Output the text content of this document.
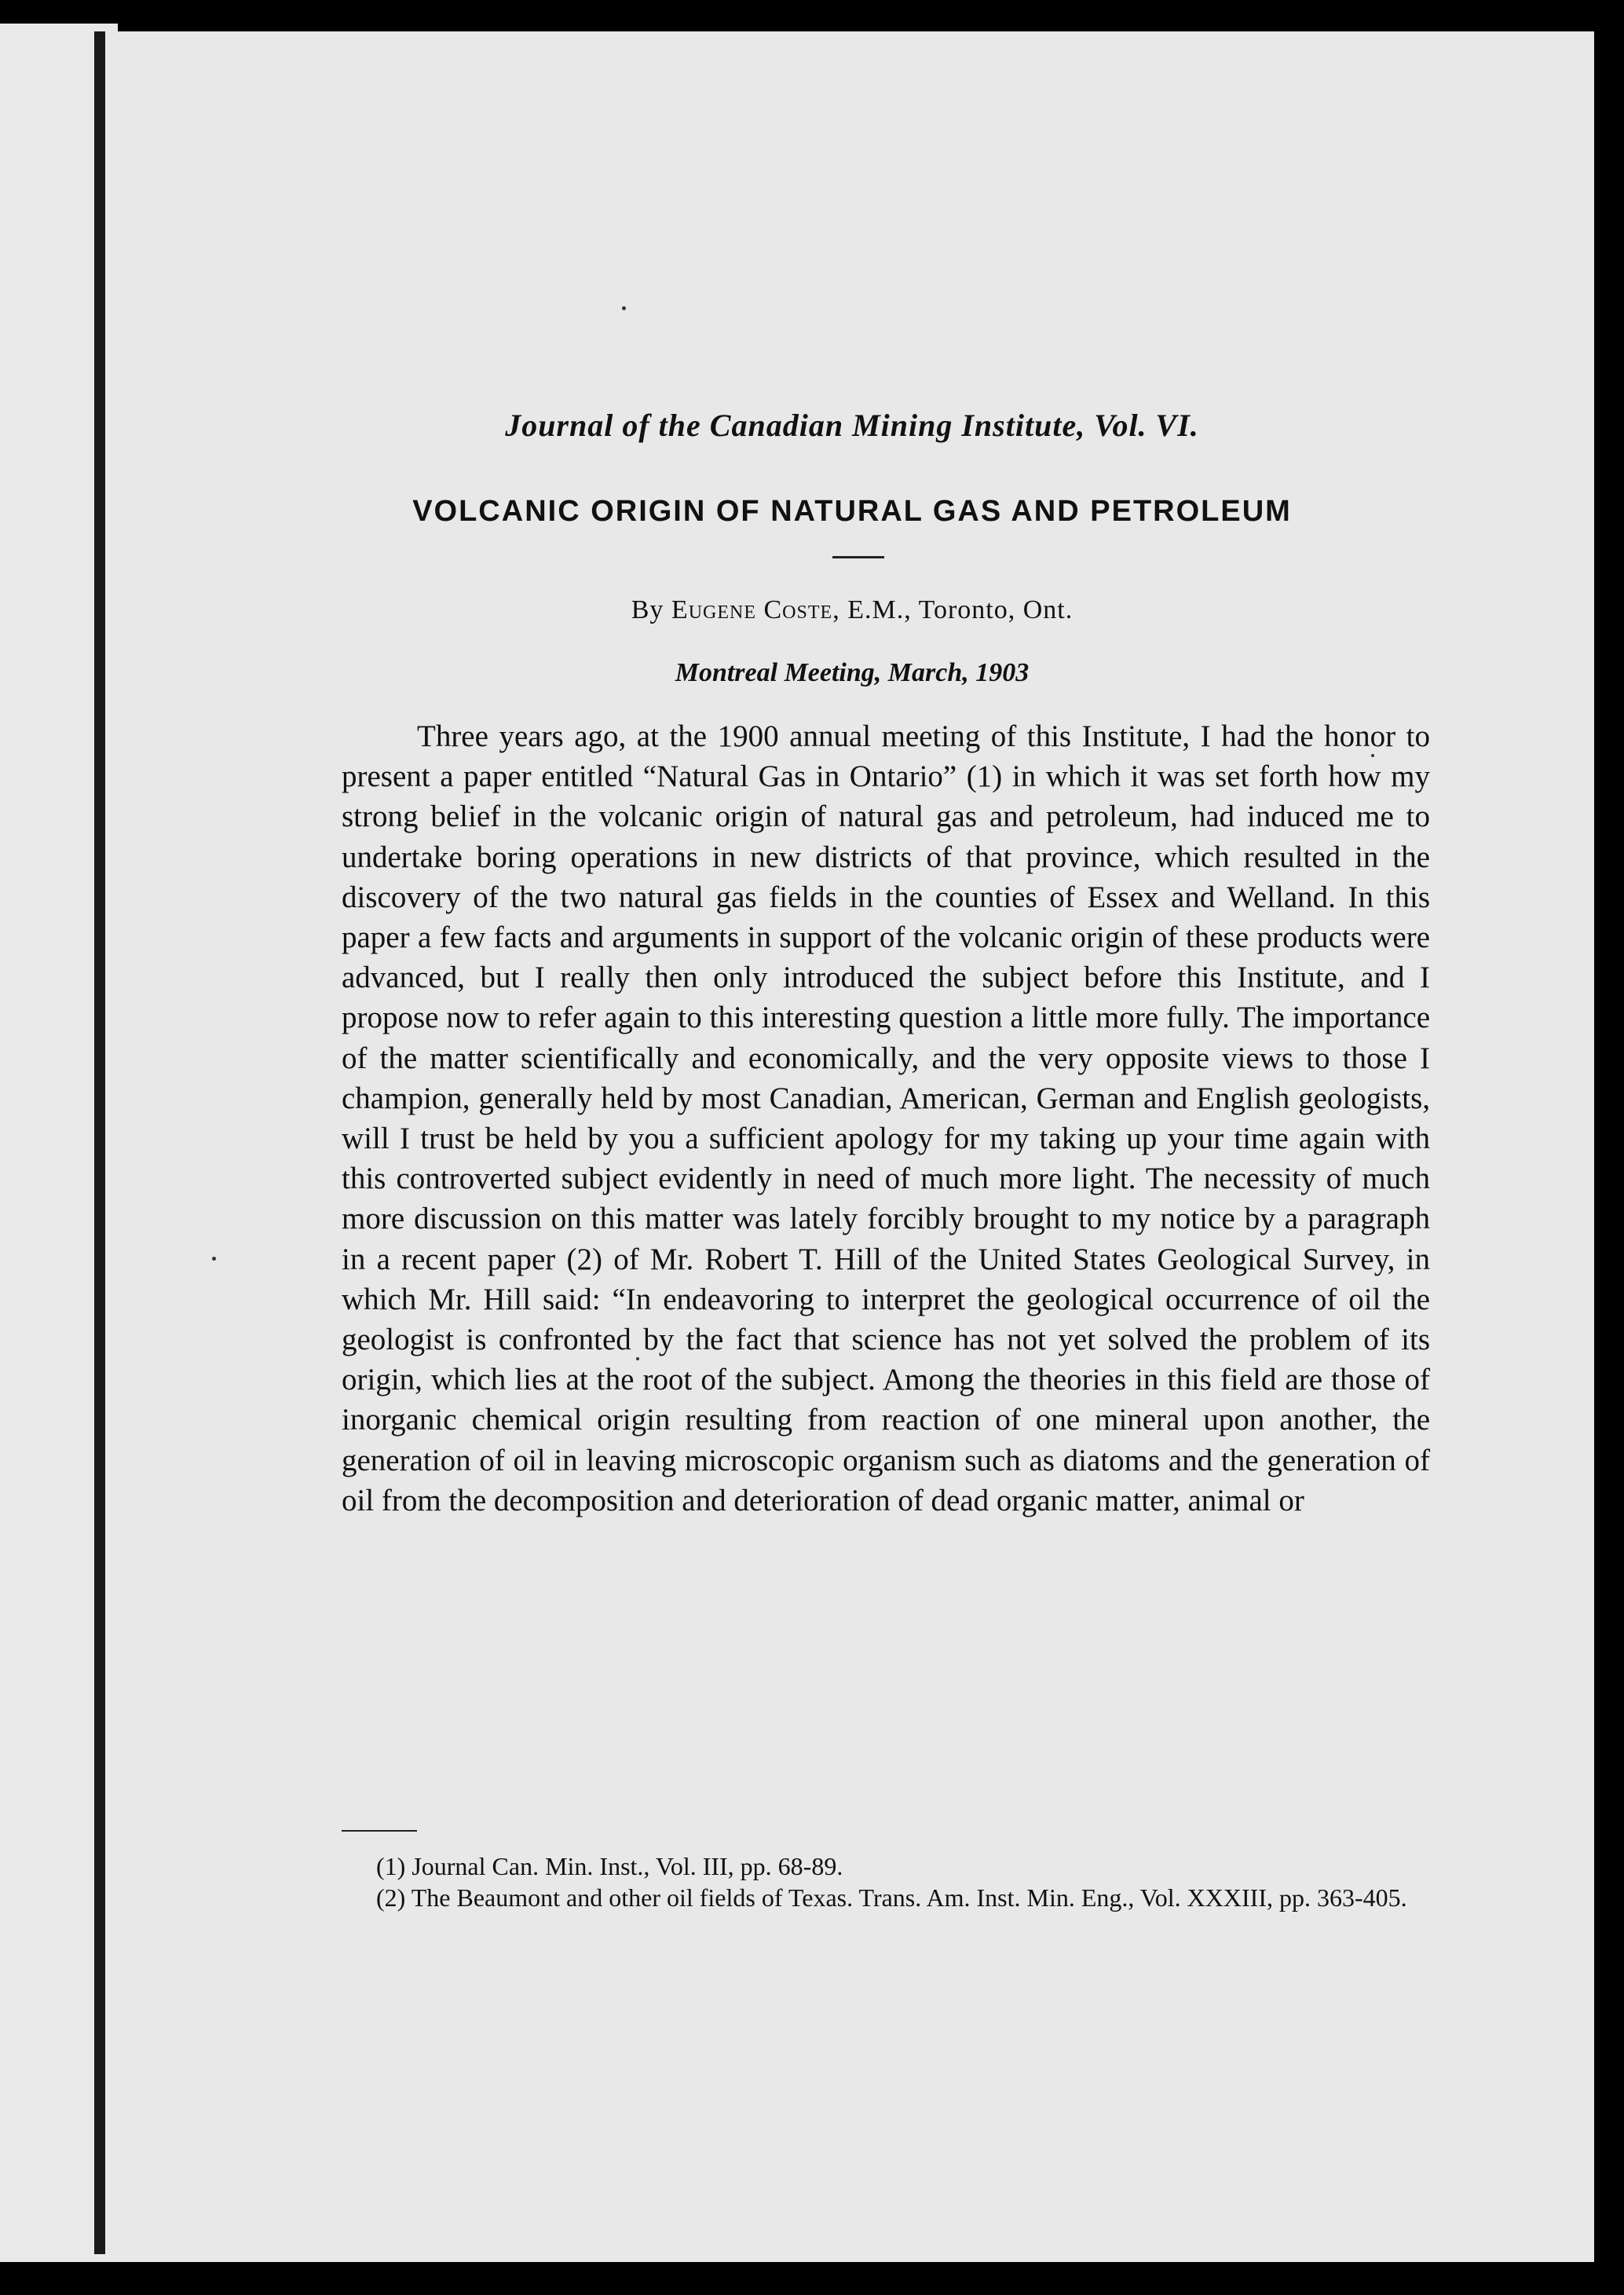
Journal of the Canadian Mining Institute, Vol. VI.
VOLCANIC ORIGIN OF NATURAL GAS AND PETROLEUM
By Eugene Coste, E.M., Toronto, Ont.
Montreal Meeting, March, 1903

Three years ago, at the 1900 annual meeting of this Institute, I had the honor to present a paper entitled “Natural Gas in Ontario” (1) in which it was set forth how my strong belief in the volcanic origin of natural gas and petroleum, had induced me to undertake boring operations in new districts of that province, which resulted in the discovery of the two natural gas fields in the counties of Essex and Welland. In this paper a few facts and arguments in support of the volcanic origin of these products were advanced, but I really then only introduced the subject before this Institute, and I propose now to refer again to this interesting question a little more fully. The importance of the matter scientifically and economically, and the very opposite views to those I champion, generally held by most Canadian, American, German and English geologists, will I trust be held by you a sufficient apology for my taking up your time again with this controverted subject evidently in need of much more light. The necessity of much more discussion on this matter was lately forcibly brought to my notice by a paragraph in a recent paper (2) of Mr. Robert T. Hill of the United States Geological Survey, in which Mr. Hill said: “In endeavoring to interpret the geological occurrence of oil the geologist is confronted by the fact that science has not yet solved the problem of its origin, which lies at the root of the subject. Among the theories in this field are those of inorganic chemical origin resulting from reaction of one mineral upon another, the generation of oil in leaving microscopic organism such as diatoms and the generation of oil from the decomposition and deterioration of dead organic matter, animal or

(1) Journal Can. Min. Inst., Vol. III, pp. 68-89.

(2) The Beaumont and other oil fields of Texas. Trans. Am. Inst. Min. Eng., Vol. XXXIII, pp. 363-405.
